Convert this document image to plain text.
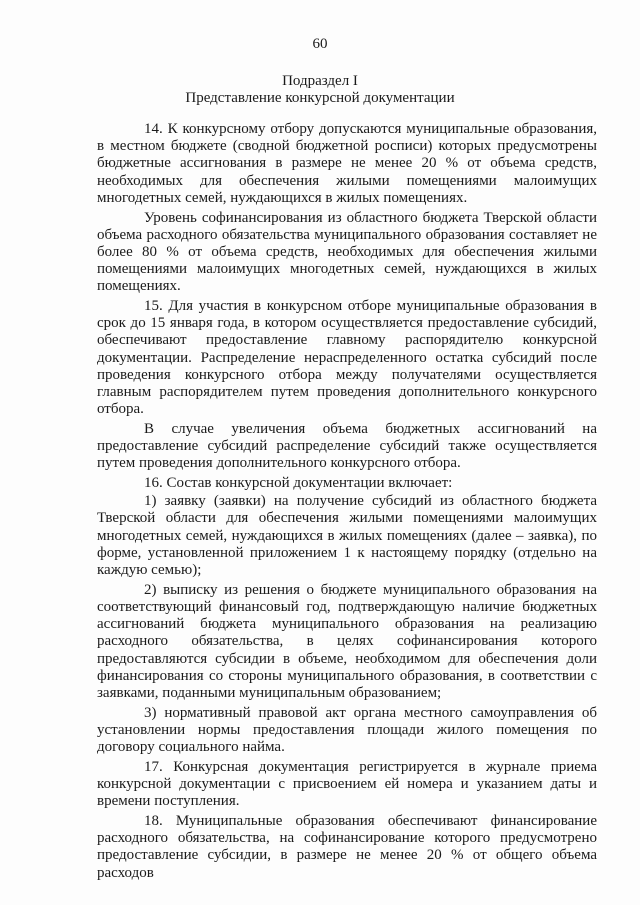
60
Подраздел I
Представление конкурсной документации

14. К конкурсному отбору допускаются муниципальные образования, в местном бюджете (сводной бюджетной росписи) которых предусмотрены бюджетные ассигнования в размере не менее 20 % от объема средств, необходимых для обеспечения жилыми помещениями малоимущих многодетных семей, нуждающихся в жилых помещениях.

Уровень софинансирования из областного бюджета Тверской области объема расходного обязательства муниципального образования составляет не более 80 % от объема средств, необходимых для обеспечения жилыми помещениями малоимущих многодетных семей, нуждающихся в жилых помещениях.

15. Для участия в конкурсном отборе муниципальные образования в срок до 15 января года, в котором осуществляется предоставление субсидий, обеспечивают предоставление главному распорядителю конкурсной документации. Распределение нераспределенного остатка субсидий после проведения конкурсного отбора между получателями осуществляется главным распорядителем путем проведения дополнительного конкурсного отбора.

В случае увеличения объема бюджетных ассигнований на предоставление субсидий распределение субсидий также осуществляется путем проведения дополнительного конкурсного отбора.

16. Состав конкурсной документации включает:

1) заявку (заявки) на получение субсидий из областного бюджета Тверской области для обеспечения жилыми помещениями малоимущих многодетных семей, нуждающихся в жилых помещениях (далее – заявка), по форме, установленной приложением 1 к настоящему порядку (отдельно на каждую семью);

2) выписку из решения о бюджете муниципального образования на соответствующий финансовый год, подтверждающую наличие бюджетных ассигнований бюджета муниципального образования на реализацию расходного обязательства, в целях софинансирования которого предоставляются субсидии в объеме, необходимом для обеспечения доли финансирования со стороны муниципального образования, в соответствии с заявками, поданными муниципальным образованием;

3) нормативный правовой акт органа местного самоуправления об установлении нормы предоставления площади жилого помещения по договору социального найма.

17. Конкурсная документация регистрируется в журнале приема конкурсной документации с присвоением ей номера и указанием даты и времени поступления.

18. Муниципальные образования обеспечивают финансирование расходного обязательства, на софинансирование которого предусмотрено предоставление субсидии, в размере не менее 20 % от общего объема расходов
